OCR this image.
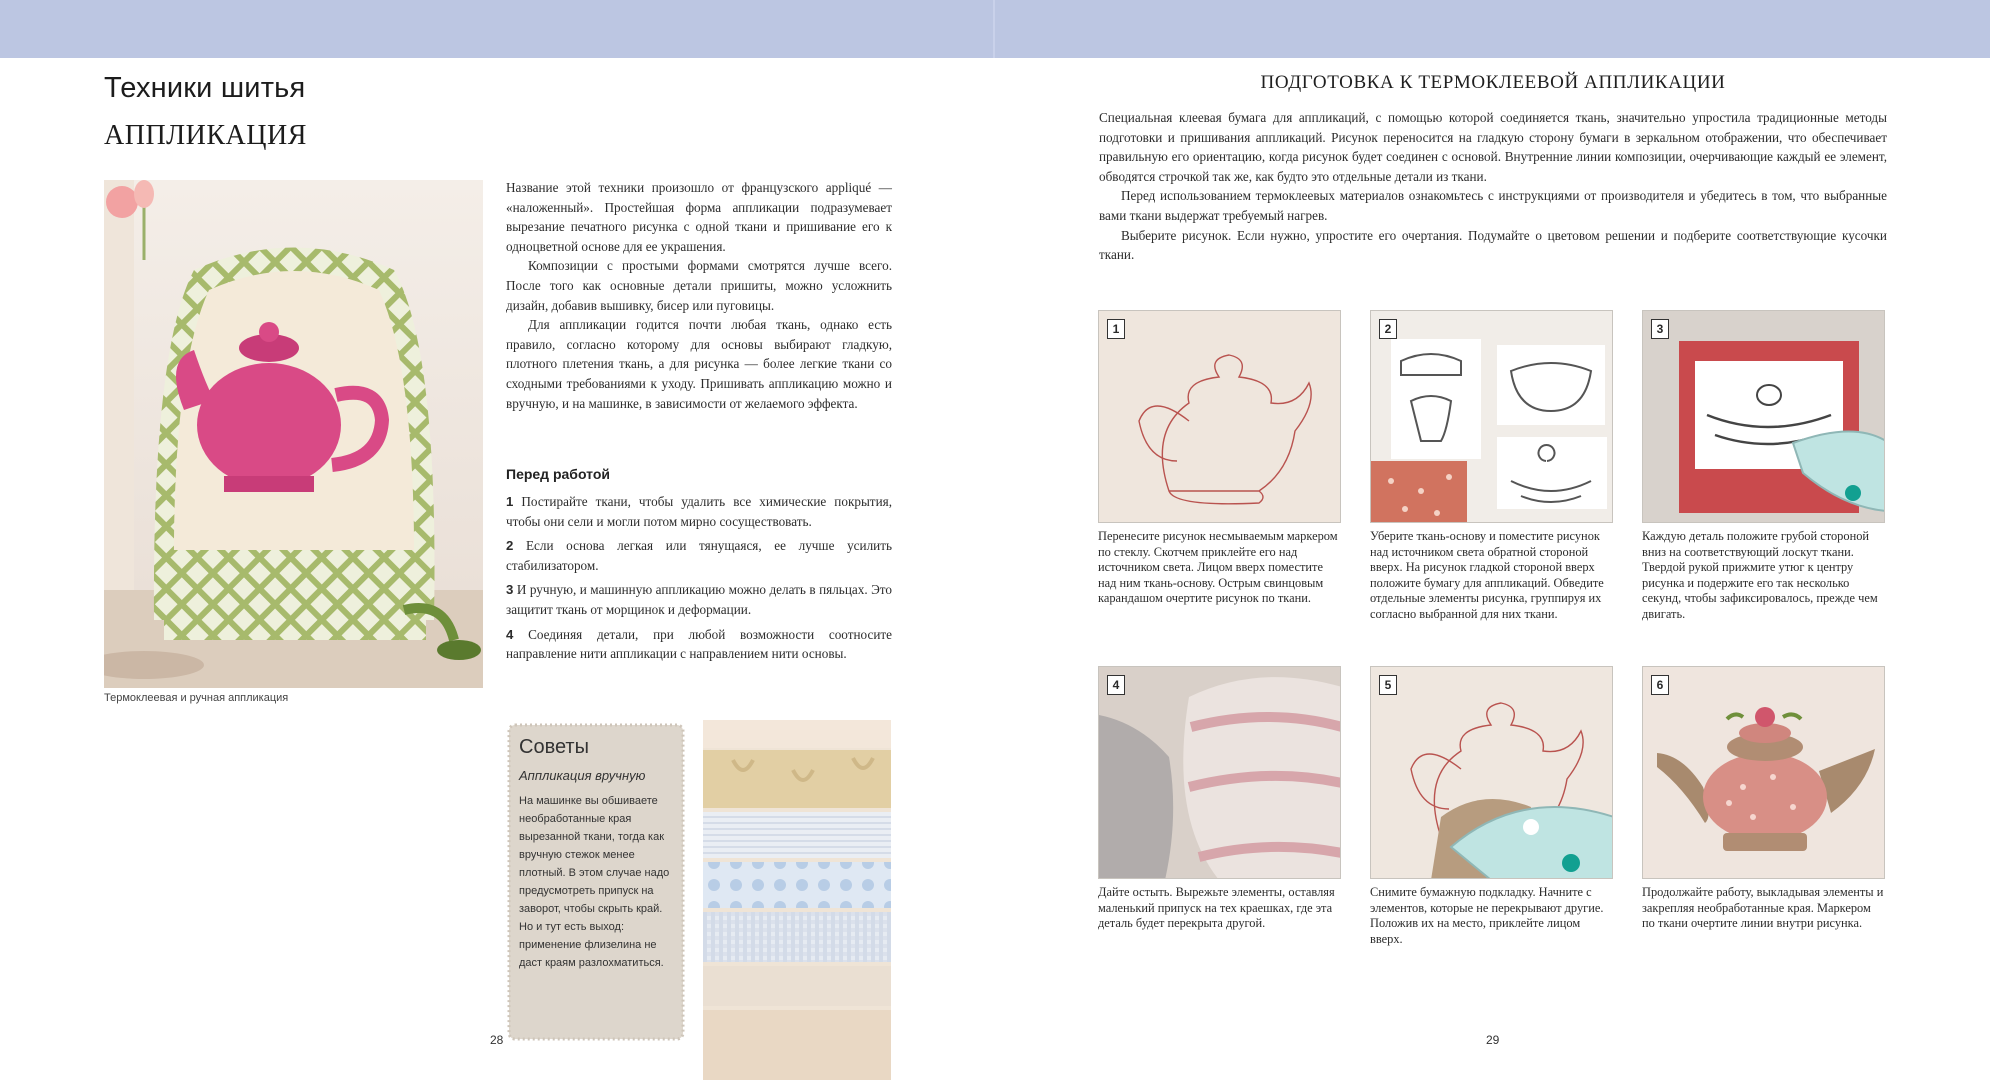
Техники шитья
АППЛИКАЦИЯ
Термоклеевая и ручная аппликация

Название этой техники произошло от французского appliqué — «наложенный». Простейшая форма аппликации подразумевает вырезание печатного рисунка с одной ткани и пришивание его к одноцветной основе для ее украшения.

Композиции с простыми формами смотрятся лучше всего. После того как основные детали пришиты, можно усложнить дизайн, добавив вышивку, бисер или пуговицы.

Для аппликации годится почти любая ткань, однако есть правило, согласно которому для основы выбирают гладкую, плотного плетения ткань, а для рисунка — более легкие ткани со сходными требованиями к уходу. Пришивать аппликацию можно и вручную, и на машинке, в зависимости от желаемого эффекта.

Перед работой

1 Постирайте ткани, чтобы удалить все химические покрытия, чтобы они сели и могли потом мирно сосуществовать.

2 Если основа легкая или тянущаяся, ее лучше усилить стабилизатором.

3 И ручную, и машинную аппликацию можно делать в пяльцах. Это защитит ткань от морщинок и деформации.

4 Соединяя детали, при любой возможности соотносите направление нити аппликации с направлением нити основы.

Советы
Аппликация вручную
На машинке вы обшиваете необработанные края вырезанной ткани, тогда как вручную стежок менее плотный. В этом случае надо предусмотреть припуск на заворот, чтобы скрыть край. Но и тут есть выход: применение флизелина не даст краям разлохматиться.
28
ПОДГОТОВКА К ТЕРМОКЛЕЕВОЙ АППЛИКАЦИИ

Специальная клеевая бумага для аппликаций, с помощью которой соединяется ткань, значительно упростила традиционные методы подготовки и пришивания аппликаций. Рисунок переносится на гладкую сторону бумаги в зеркальном отображении, что обеспечивает правильную его ориентацию, когда рисунок будет соединен с основой. Внутренние линии композиции, очерчивающие каждый ее элемент, обводятся строчкой так же, как будто это отдельные детали из ткани.

Перед использованием термоклеевых материалов ознакомьтесь с инструкциями от производителя и убедитесь в том, что выбранные вами ткани выдержат требуемый нагрев.

Выберите рисунок. Если нужно, упростите его очертания. Подумайте о цветовом решении и подберите соответствующие кусочки ткани.

1
Перенесите рисунок несмываемым маркером по стеклу. Скотчем приклейте его над источником света. Лицом вверх поместите над ним ткань-основу. Острым свинцовым карандашом очертите рисунок по ткани.
2
Уберите ткань-основу и поместите рисунок над источником света обратной стороной вверх. На рисунок гладкой стороной вверх положите бумагу для аппликаций. Обведите отдельные элементы рисунка, группируя их согласно выбранной для них ткани.
3
Каждую деталь положите грубой стороной вниз на соответствующий лоскут ткани. Твердой рукой прижмите утюг к центру рисунка и подержите его так несколько секунд, чтобы зафиксировалось, прежде чем двигать.
4
Дайте остыть. Вырежьте элементы, оставляя маленький припуск на тех краешках, где эта деталь будет перекрыта другой.
5
Снимите бумажную подкладку. Начните с элементов, которые не перекрывают другие. Положив их на место, приклейте лицом вверх.
6
Продолжайте работу, выкладывая элементы и закрепляя необработанные края. Маркером по ткани очертите линии внутри рисунка.
29
